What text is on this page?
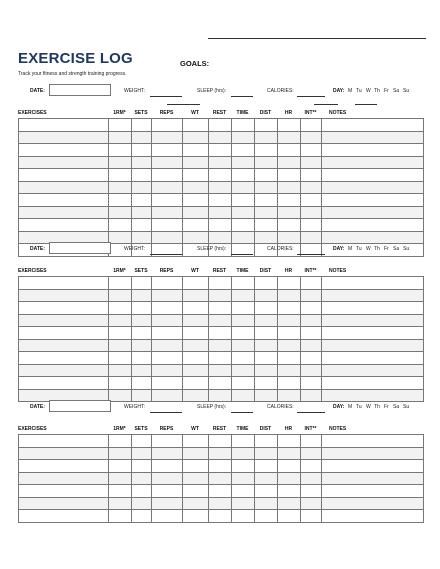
EXERCISE LOG
Track your fitness and strength training progress.
GOALS:
DATE:	WEIGHT:	SLEEP (hrs):	CALORIES:	DAY: M Tu W Th Fr Sa Su
EXERCISES	1RM*	SETS	REPS	WT	REST	TIME	DIST	HR	INT**	NOTES

DATE:	WEIGHT:	SLEEP (hrs):	CALORIES:	DAY: M Tu W Th Fr Sa Su
EXERCISES	1RM*	SETS	REPS	WT	REST	TIME	DIST	HR	INT**	NOTES

DATE:	WEIGHT:	SLEEP (hrs):	CALORIES:	DAY: M Tu W Th Fr Sa Su
EXERCISES	1RM*	SETS	REPS	WT	REST	TIME	DIST	HR	INT**	NOTES
